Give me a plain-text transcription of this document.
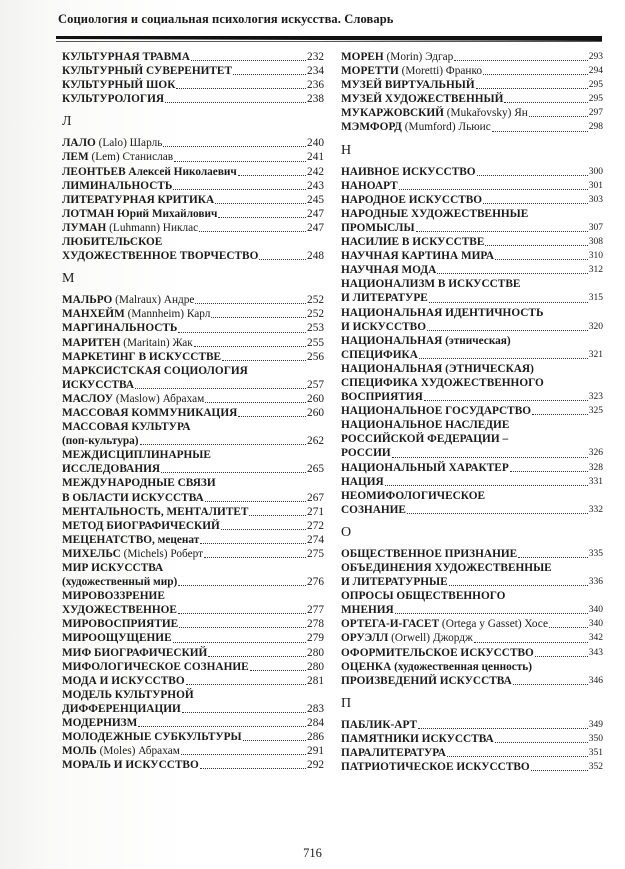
Социология и социальная психология искусства. Словарь
КУЛЬТУРНАЯ ТРАВМА	232
КУЛЬТУРНЫЙ СУВЕРЕНИТЕТ	234
КУЛЬТУРНЫЙ ШОК	236
КУЛЬТУРОЛОГИЯ	238
Л
ЛАЛО (Lalo) Шарль	240
ЛЕМ (Lem) Станислав	241
ЛЕОНТЬЕВ Алексей Николаевич	242
ЛИМИНАЛЬНОСТЬ	243
ЛИТЕРАТУРНАЯ КРИТИКА	245
ЛОТМАН Юрий Михайлович	247
ЛУМАН (Luhmann) Никлас	247
ЛЮБИТЕЛЬСКОЕ
ХУДОЖЕСТВЕННОЕ ТВОРЧЕСТВО	248
М
МАЛЬРО (Malraux) Андре	252
МАНХЕЙМ (Mannheim) Карл	252
МАРГИНАЛЬНОСТЬ	253
МАРИТЕН (Maritain) Жак	255
МАРКЕТИНГ В ИСКУССТВЕ	256
МАРКСИСТСКАЯ СОЦИОЛОГИЯ
ИСКУССТВА	257
МАСЛОУ (Maslow) Абрахам	260
МАССОВАЯ КОММУНИКАЦИЯ	260
МАССОВАЯ КУЛЬТУРА
(поп-культура)	262
МЕЖДИСЦИПЛИНАРНЫЕ
ИССЛЕДОВАНИЯ	265
МЕЖДУНАРОДНЫЕ СВЯЗИ
В ОБЛАСТИ ИСКУССТВА	267
МЕНТАЛЬНОСТЬ, МЕНТАЛИТЕТ	271
МЕТОД БИОГРАФИЧЕСКИЙ	272
МЕЦЕНАТСТВО, меценат	274
МИХЕЛЬС (Michels) Роберт	275
МИР ИСКУССТВА
(художественный мир)	276
МИРОВОЗЗРЕНИЕ
ХУДОЖЕСТВЕННОЕ	277
МИРОВОСПРИЯТИЕ	278
МИРООЩУЩЕНИЕ	279
МИФ БИОГРАФИЧЕСКИЙ	280
МИФОЛОГИЧЕСКОЕ СОЗНАНИЕ	280
МОДА И ИСКУССТВО	281
МОДЕЛЬ КУЛЬТУРНОЙ
ДИФФЕРЕНЦИАЦИИ	283
МОДЕРНИЗМ	284
МОЛОДЕЖНЫЕ СУБКУЛЬТУРЫ	286
МОЛЬ (Moles) Абрахам	291
МОРАЛЬ И ИСКУССТВО	292
МОРЕН (Morin) Эдгар	293
МОРЕТТИ (Moretti) Франко	294
МУЗЕЙ ВИРТУАЛЬНЫЙ	295
МУЗЕЙ ХУДОЖЕСТВЕННЫЙ	295
МУКАРЖОВСКИЙ (Mukařovsky) Ян	297
МЭМФОРД (Mumford) Льюис	298
Н
НАИВНОЕ ИСКУССТВО	300
НАНОАРТ	301
НАРОДНОЕ ИСКУССТВО	303
НАРОДНЫЕ ХУДОЖЕСТВЕННЫЕ
ПРОМЫСЛЫ	307
НАСИЛИЕ В ИСКУССТВЕ	308
НАУЧНАЯ КАРТИНА МИРА	310
НАУЧНАЯ МОДА	312
НАЦИОНАЛИЗМ В ИСКУССТВЕ
И ЛИТЕРАТУРЕ	315
НАЦИОНАЛЬНАЯ ИДЕНТИЧНОСТЬ
И ИСКУССТВО	320
НАЦИОНАЛЬНАЯ (этническая)
СПЕЦИФИКА	321
НАЦИОНАЛЬНАЯ (ЭТНИЧЕСКАЯ)
СПЕЦИФИКА ХУДОЖЕСТВЕННОГО
ВОСПРИЯТИЯ	323
НАЦИОНАЛЬНОЕ ГОСУДАРСТВО	325
НАЦИОНАЛЬНОЕ НАСЛЕДИЕ
РОССИЙСКОЙ ФЕДЕРАЦИИ –
РОССИИ	326
НАЦИОНАЛЬНЫЙ ХАРАКТЕР	328
НАЦИЯ	331
НЕОМИФОЛОГИЧЕСКОЕ
СОЗНАНИЕ	332
О
ОБЩЕСТВЕННОЕ ПРИЗНАНИЕ	335
ОБЪЕДИНЕНИЯ ХУДОЖЕСТВЕННЫЕ
И ЛИТЕРАТУРНЫЕ	336
ОПРОСЫ ОБЩЕСТВЕННОГО
МНЕНИЯ	340
ОРТЕГА-И-ГАСЕТ (Ortega y Gasset) Хосе	340
ОРУЭЛЛ (Orwell) Джордж	342
ОФОРМИТЕЛЬСКОЕ ИСКУССТВО	343
ОЦЕНКА (художественная ценность)
ПРОИЗВЕДЕНИЙ ИСКУССТВА	346
П
ПАБЛИК-АРТ	349
ПАМЯТНИКИ ИСКУССТВА	350
ПАРАЛИТЕРАТУРА	351
ПАТРИОТИЧЕСКОЕ ИСКУССТВО	352
716
